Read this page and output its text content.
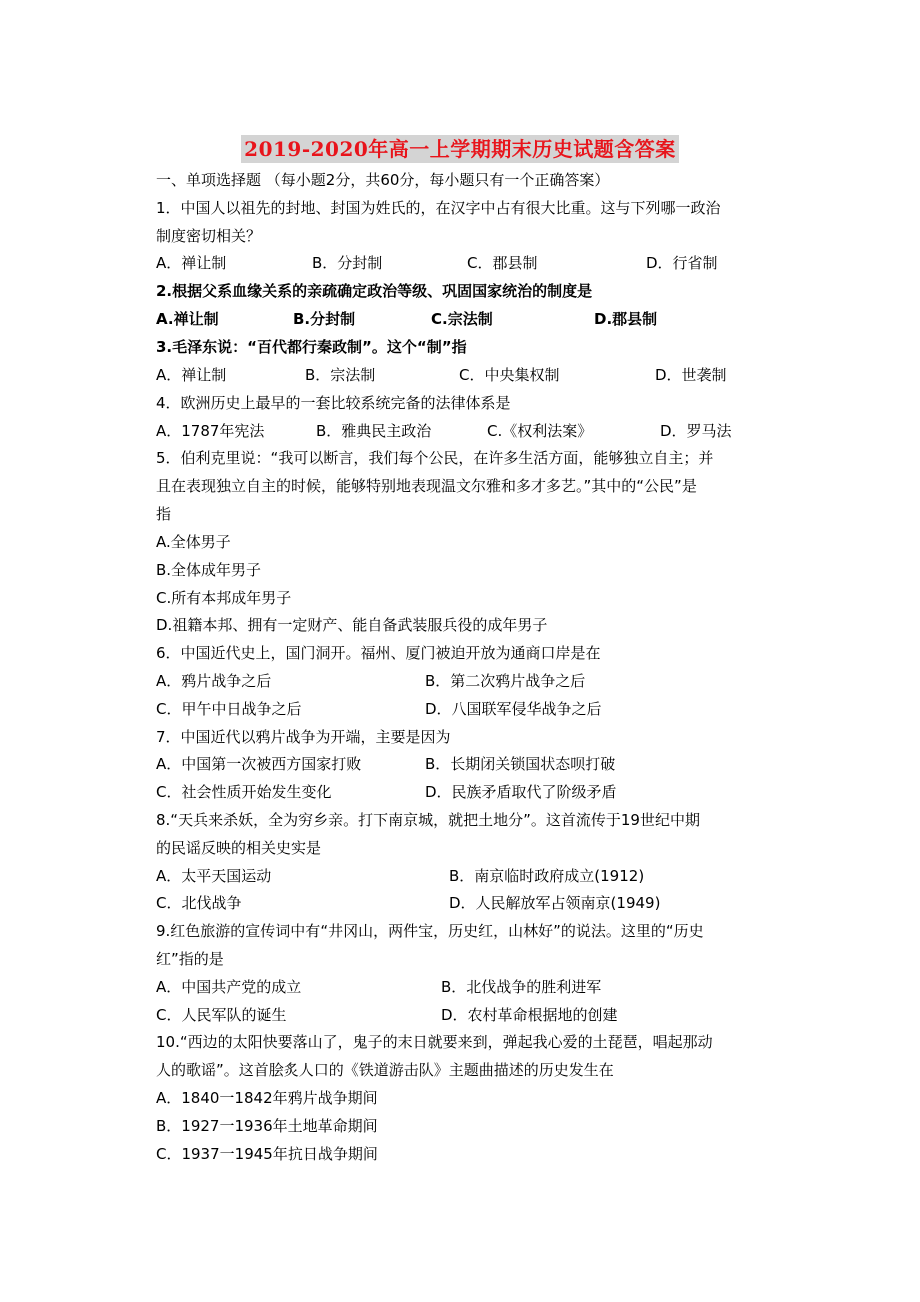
2019-2020年高一上学期期末历史试题含答案
一、单项选择题 （每小题2分，共60分，每小题只有一个正确答案）
1．中国人以祖先的封地、封国为姓氏的，在汉字中占有很大比重。这与下列哪一政治
制度密切相关？
A．禅让制	B．分封制	C．郡县制	D．行省制
2.根据父系血缘关系的亲疏确定政治等级、巩固国家统治的制度是
A.禅让制	B.分封制	C.宗法制	D.郡县制
3.毛泽东说：“百代都行秦政制”。这个“制”指
A．禅让制	B．宗法制	C．中央集权制	D．世袭制
4．欧洲历史上最早的一套比较系统完备的法律体系是
A．1787年宪法	B．雅典民主政治	C.《权利法案》	D．罗马法
5．伯利克里说：“我可以断言，我们每个公民，在许多生活方面，能够独立自主；并
且在表现独立自主的时候，能够特别地表现温文尔雅和多才多艺。”其中的“公民”是
指
A.全体男子
B.全体成年男子
C.所有本邦成年男子
D.祖籍本邦、拥有一定财产、能自备武装服兵役的成年男子
6．中国近代史上，国门洞开。福州、厦门被迫开放为通商口岸是在
A．鸦片战争之后	B．第二次鸦片战争之后
C．甲午中日战争之后	D．八国联军侵华战争之后
7．中国近代以鸦片战争为开端，主要是因为
A．中国第一次被西方国家打败	B．长期闭关锁国状态呗打破
C．社会性质开始发生变化	D．民族矛盾取代了阶级矛盾
8.“天兵来杀妖，全为穷乡亲。打下南京城，就把土地分”。这首流传于19世纪中期
的民谣反映的相关史实是
A．太平天国运动	B．南京临时政府成立(1912)
C．北伐战争	D．人民解放军占领南京(1949)
9.红色旅游的宣传词中有“井冈山，两件宝，历史红，山林好”的说法。这里的“历史
红”指的是
A．中国共产党的成立	B．北伐战争的胜利进军
C．人民军队的诞生	D．农村革命根据地的创建
10.“西边的太阳快要落山了，鬼子的末日就要来到，弹起我心爱的土琵琶，唱起那动
人的歌谣”。这首脍炙人口的《铁道游击队》主题曲描述的历史发生在
A．1840一1842年鸦片战争期间
B．1927一1936年土地革命期间
C．1937一1945年抗日战争期间
